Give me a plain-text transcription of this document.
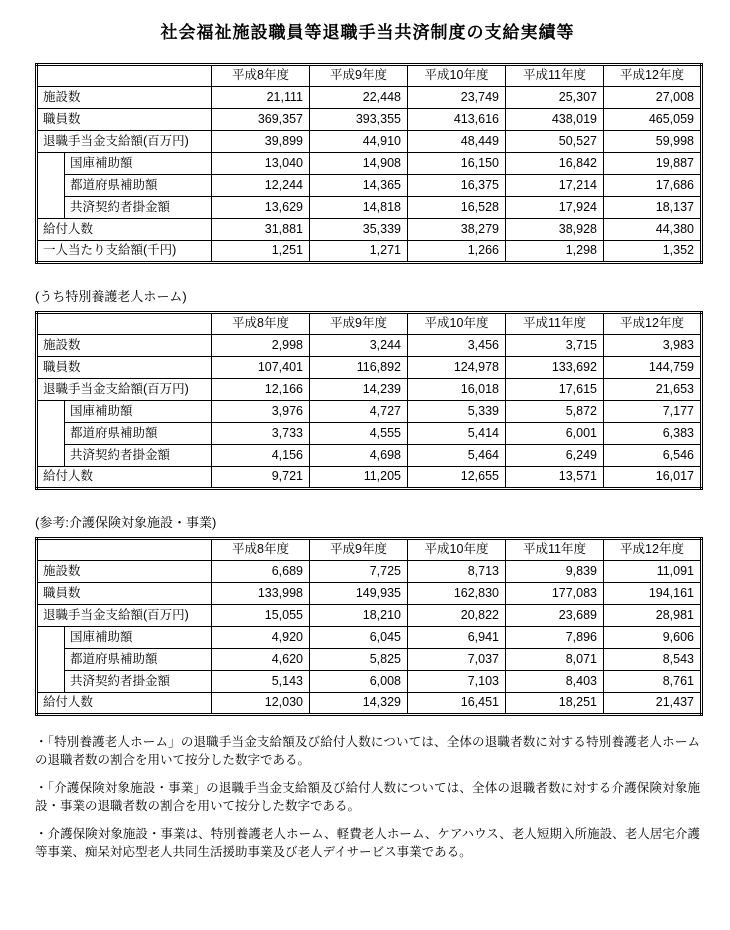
社会福祉施設職員等退職手当共済制度の支給実績等
		平成8年度	平成9年度	平成10年度	平成11年度	平成12年度
施設数		21,111	22,448	23,749	25,307	27,008
職員数		369,357	393,355	413,616	438,019	465,059
退職手当金支給額(百万円)		39,899	44,910	48,449	50,527	59,998
	国庫補助額	13,040	14,908	16,150	16,842	19,887
	都道府県補助額	12,244	14,365	16,375	17,214	17,686
	共済契約者掛金額	13,629	14,818	16,528	17,924	18,137
給付人数		31,881	35,339	38,279	38,928	44,380
一人当たり支給額(千円)		1,251	1,271	1,266	1,298	1,352
(うち特別養護老人ホーム)
		平成8年度	平成9年度	平成10年度	平成11年度	平成12年度
施設数		2,998	3,244	3,456	3,715	3,983
職員数		107,401	116,892	124,978	133,692	144,759
退職手当金支給額(百万円)		12,166	14,239	16,018	17,615	21,653
	国庫補助額	3,976	4,727	5,339	5,872	7,177
	都道府県補助額	3,733	4,555	5,414	6,001	6,383
	共済契約者掛金額	4,156	4,698	5,464	6,249	6,546
給付人数		9,721	11,205	12,655	13,571	16,017
(参考:介護保険対象施設・事業)
		平成8年度	平成9年度	平成10年度	平成11年度	平成12年度
施設数		6,689	7,725	8,713	9,839	11,091
職員数		133,998	149,935	162,830	177,083	194,161
退職手当金支給額(百万円)		15,055	18,210	20,822	23,689	28,981
	国庫補助額	4,920	6,045	6,941	7,896	9,606
	都道府県補助額	4,620	5,825	7,037	8,071	8,543
	共済契約者掛金額	5,143	6,008	7,103	8,403	8,761
給付人数		12,030	14,329	16,451	18,251	21,437

・「特別養護老人ホーム」の退職手当金支給額及び給付人数については、全体の退職者数に対する特別養護老人ホームの退職者数の割合を用いて按分した数字である。

・「介護保険対象施設・事業」の退職手当金支給額及び給付人数については、全体の退職者数に対する介護保険対象施設・事業の退職者数の割合を用いて按分した数字である。

・介護保険対象施設・事業は、特別養護老人ホーム、軽費老人ホーム、ケアハウス、老人短期入所施設、老人居宅介護等事業、痴呆対応型老人共同生活援助事業及び老人デイサービス事業である。
